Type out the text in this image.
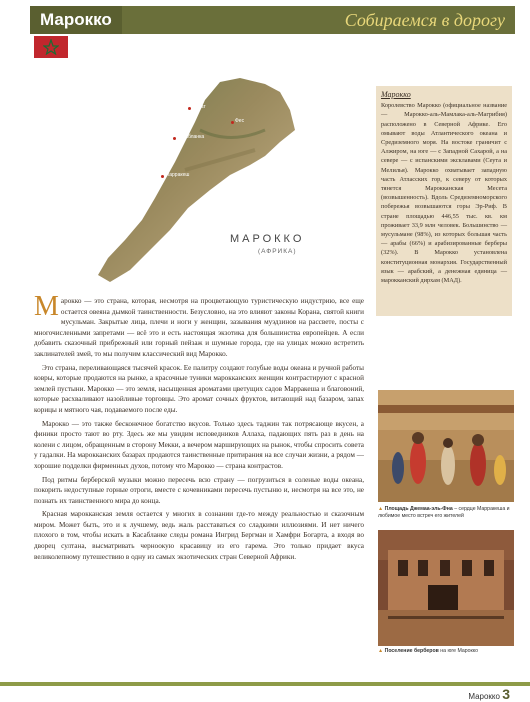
Марокко	Собираемся в дорогу
Рабат
Фес
Касабланка
Марракеш
МАРОККО
(АФРИКА)
Марокко
Королевство Марокко (официальное название — Марокко-аль-Мамлака-аль-Магрибия) расположено в Северной Африке. Его омывают воды Атлантического океана и Средиземного моря. На востоке граничит с Алжиром, на юге — с Западной Сахарой, а на севере — с испанскими эксклавами (Сеута и Мелилья). Марокко охватывает западную часть Атласских гор, к северу от которых тянется Марокканская Месета (возвышенность). Вдоль Средиземноморского побережья возвышаются горы Эр-Риф. В стране площадью 446,55 тыс. кв. км проживает 33,9 млн человек. Большинство — мусульмане (98%), из которых большая часть — арабы (66%) и арабизированные берберы (32%). В Марокко установлена конституционная монархия. Государственный язык — арабский, а денежная единица — марокканский дирхам (МАД).

Марокко — это страна, которая, несмотря на процветающую туристическую индустрию, все еще остается овеяна дымкой таинственности. Безусловно, на это влияют законы Корана, святой книги мусульман. Закрытые лица, плечи и ноги у женщин, зазывания муэдзинов на рассвете, посты с многочисленными запретами — всё это и есть настоящая экзотика для большинства европейцев. А если добавить сказочный прибрежный или горный пейзаж и шумные города, где на улицах можно встретить заклинателей змей, то мы получим классический вид Марокко.

Это страна, переливающаяся тысячей красок. Ее палитру создают голубые воды океана и ручной работы ковры, которые продаются на рынке, а красочные туники марокканских женщин контрастируют с красной землей пустыни. Марокко — это земля, насыщенная ароматами цветущих садов Марракеша и благовоний, которые расхваливают назойливые торговцы. Это аромат сочных фруктов, витающий над базаром, запах корицы и мятного чая, подаваемого после еды.

Марокко — это также бесконечное богатство вкусов. Только здесь таджин так потрясающе вкусен, а финики просто тают во рту. Здесь же мы увидим исповедников Аллаха, падающих пять раз в день на колени с лицом, обращенным в сторону Мекки, а вечером марширующих на рынок, чтобы спросить совета у гадалки. На марокканских базарах продаются таинственные притирания на все случаи жизни, а рядом — хорошие подделки фирменных духов, потому что Марокко — страна контрастов.

Под ритмы берберской музыки можно пересечь всю страну — погрузиться в соленые воды океана, покорить недоступные горные отроги, вместе с кочевниками пересечь пустыню и, несмотря на все это, не познать их таинственного мира до конца.

Красная марокканская земля остается у многих в сознании где-то между реальностью и сказочным миром. Может быть, это и к лучшему, ведь жаль расставаться со сладкими иллюзиями. И нет ничего плохого в том, чтобы искать в Касабланке следы романа Ингрид Бергман и Хамфри Богарта, а входя во дворец султана, высматривать черноокую красавицу из его гарема. Это только придает вкуса великолепному путешествию в одну из самых экзотических стран Северной Африки.

▲ Площадь Джемаа-эль-Фна – сердце Марракеша и любимое место встреч его жителей
▲ Поселение берберов на юге Марокко
Марокко 3
